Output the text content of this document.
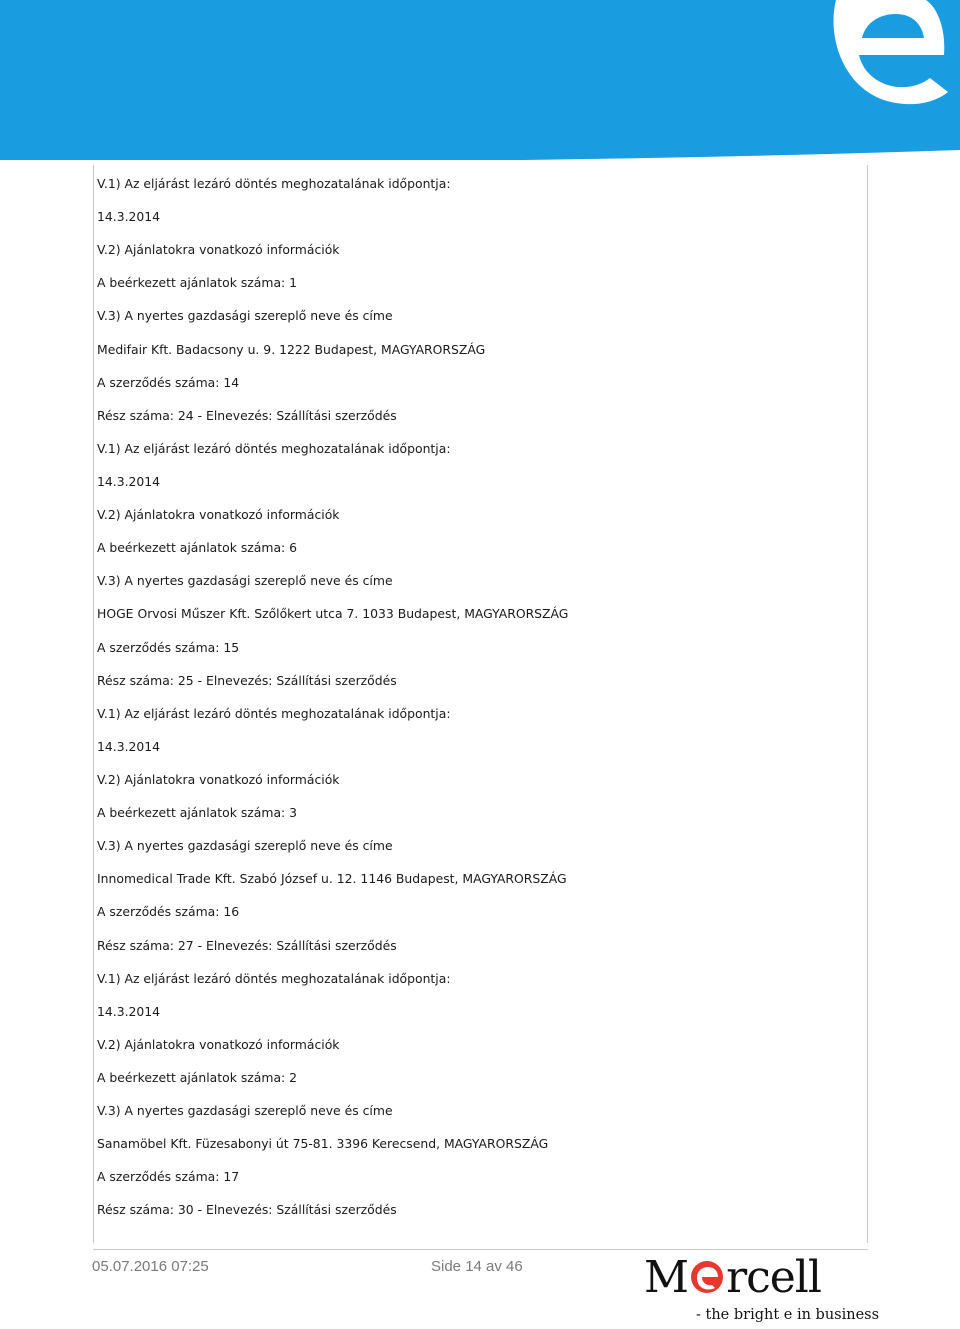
V.1) Az eljárást lezáró döntés meghozatalának időpontja:
14.3.2014
V.2) Ajánlatokra vonatkozó információk
A beérkezett ajánlatok száma: 1
V.3) A nyertes gazdasági szereplő neve és címe
Medifair Kft. Badacsony u. 9. 1222 Budapest, MAGYARORSZÁG
A szerződés száma: 14
Rész száma: 24 - Elnevezés: Szállítási szerződés
V.1) Az eljárást lezáró döntés meghozatalának időpontja:
14.3.2014
V.2) Ajánlatokra vonatkozó információk
A beérkezett ajánlatok száma: 6
V.3) A nyertes gazdasági szereplő neve és címe
HOGE Orvosi Műszer Kft. Szőlőkert utca 7. 1033 Budapest, MAGYARORSZÁG
A szerződés száma: 15
Rész száma: 25 - Elnevezés: Szállítási szerződés
V.1) Az eljárást lezáró döntés meghozatalának időpontja:
14.3.2014
V.2) Ajánlatokra vonatkozó információk
A beérkezett ajánlatok száma: 3
V.3) A nyertes gazdasági szereplő neve és címe
Innomedical Trade Kft. Szabó József u. 12. 1146 Budapest, MAGYARORSZÁG
A szerződés száma: 16
Rész száma: 27 - Elnevezés: Szállítási szerződés
V.1) Az eljárást lezáró döntés meghozatalának időpontja:
14.3.2014
V.2) Ajánlatokra vonatkozó információk
A beérkezett ajánlatok száma: 2
V.3) A nyertes gazdasági szereplő neve és címe
Sanamöbel Kft. Füzesabonyi út 75-81. 3396 Kerecsend, MAGYARORSZÁG
A szerződés száma: 17
Rész száma: 30 - Elnevezés: Szállítási szerződés
05.07.2016 07:25	Side 14 av 46	M rcell
- the bright e in business
